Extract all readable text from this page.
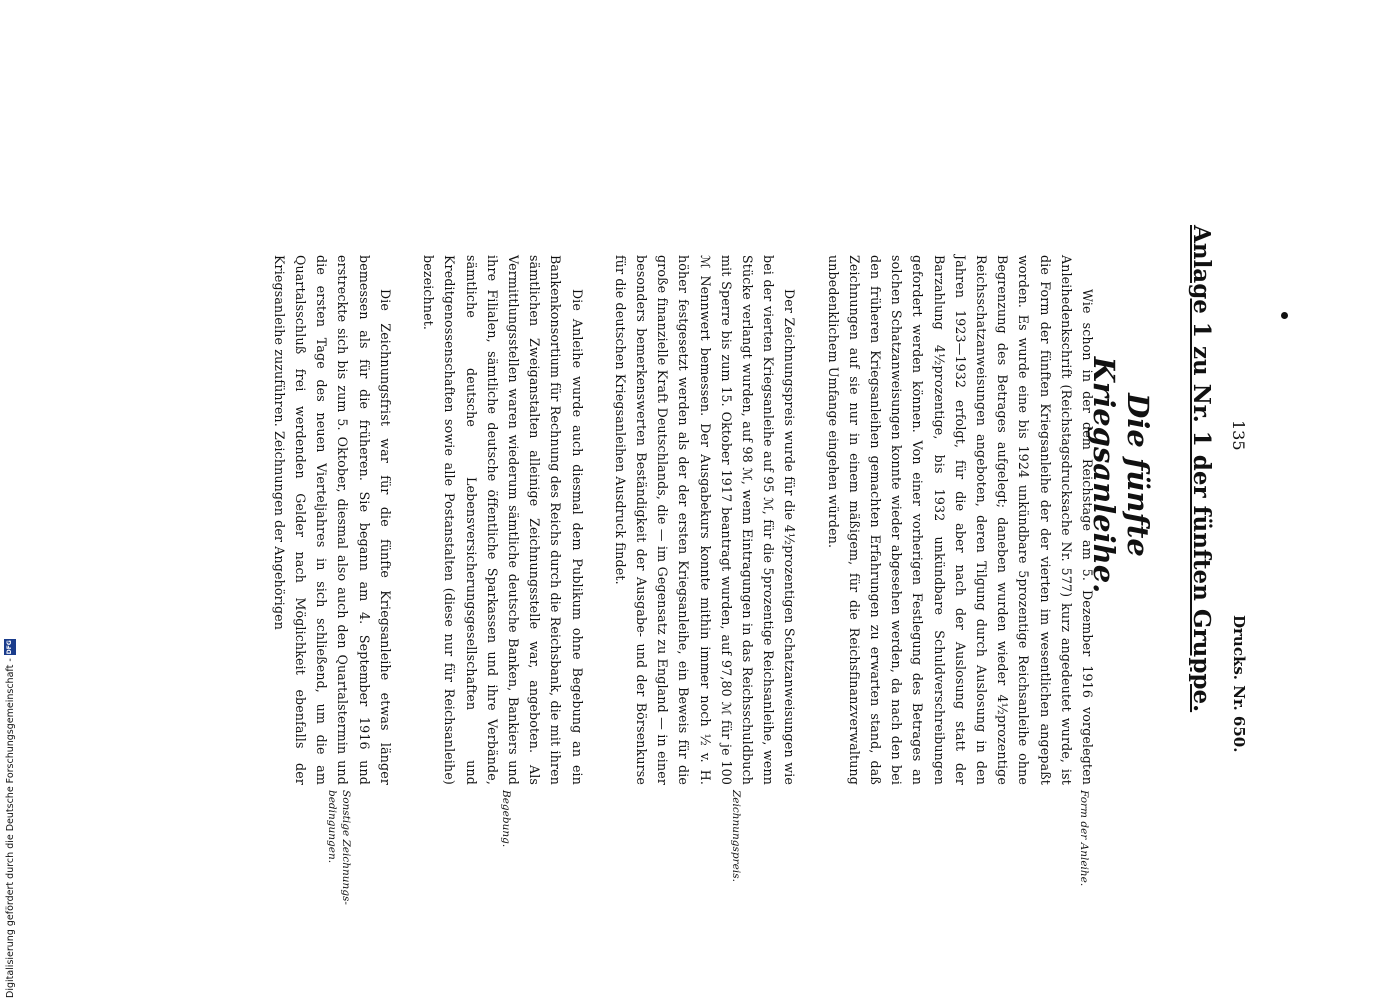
135
Drucks. Nr. 650.
Anlage 1 zu Nr. 1 der fünften Gruppe.
Die fünfte Kriegsanleihe.

Wie schon in der dem Reichstage am 5. Dezember 1916 vorgelegten Anleihedenkschrift (Reichstagsdrucksache Nr. 577) kurz angedeutet wurde, ist die Form der fünften Kriegsanleihe der der vierten im wesentlichen angepaßt worden. Es wurde eine bis 1924 unkündbare 5prozentige Reichsanleihe ohne Begrenzung des Betrages aufgelegt; daneben wurden wieder 4½prozentige Reichsschatzanweisungen angeboten, deren Tilgung durch Auslosung in den Jahren 1923—1932 erfolgt, für die aber nach der Auslosung statt der Barzahlung 4½prozentige, bis 1932 unkündbare Schuldverschreibungen gefordert werden können. Von einer vorherigen Festlegung des Betrages an solchen Schatzanweisungen konnte wieder abgesehen werden, da nach den bei den früheren Kriegsanleihen gemachten Erfahrungen zu erwarten stand, daß Zeichnungen auf sie nur in einem mäßigem, für die Reichsfinanzverwaltung unbedenklichem Umfange eingehen würden.

Der Zeichnungspreis wurde für die 4½prozentigen Schatzanweisungen wie bei der vierten Kriegsanleihe auf 95 ℳ, für die 5prozentige Reichsanleihe, wenn Stücke verlangt wurden, auf 98 ℳ, wenn Eintragungen in das Reichsschuldbuch mit Sperre bis zum 15. Oktober 1917 beantragt wurden, auf 97,80 ℳ für je 100 ℳ Nennwert bemessen. Der Ausgabekurs konnte mithin immer noch ½ v. H. höher festgesetzt werden als der der ersten Kriegsanleihe, ein Beweis für die große finanzielle Kraft Deutschlands, die — im Gegensatz zu England — in einer besonders bemerkenswerten Beständigkeit der Ausgabe- und der Börsenkurse für die deutschen Kriegsanleihen Ausdruck findet.

Die Anleihe wurde auch diesmal dem Publikum ohne Begebung an ein Bankenkonsortium für Rechnung des Reichs durch die Reichsbank, die mit ihren sämtlichen Zweiganstalten alleinige Zeichnungsstelle war, angeboten. Als Vermittlungsstellen waren wiederum sämtliche deutsche Banken, Bankiers und ihre Filialen, sämtliche deutsche öffentliche Sparkassen und ihre Verbände, sämtliche deutsche Lebensversicherungsgesellschaften und Kreditgenossenschaften sowie alle Postanstalten (diese nur für Reichsanleihe) bezeichnet.

Die Zeichnungsfrist war für die fünfte Kriegsanleihe etwas länger bemessen als für die früheren. Sie begann am 4. September 1916 und erstreckte sich bis zum 5. Oktober, diesmal also auch den Quartalstermin und die ersten Tage des neuen Vierteljahres in sich schließend, um die am Quartalsschluß frei werdenden Gelder nach Möglichkeit ebenfalls der Kriegsanleihe zuzuführen. Zeichnungen der Angehörigen

Form der Anleihe.
Zeichnungspreis.
Begebung.
Sonstige Zeichnungs-bedingungen.
Digitalisierung gefördert durch die Deutsche Forschungsgemeinschaft -
DFG
